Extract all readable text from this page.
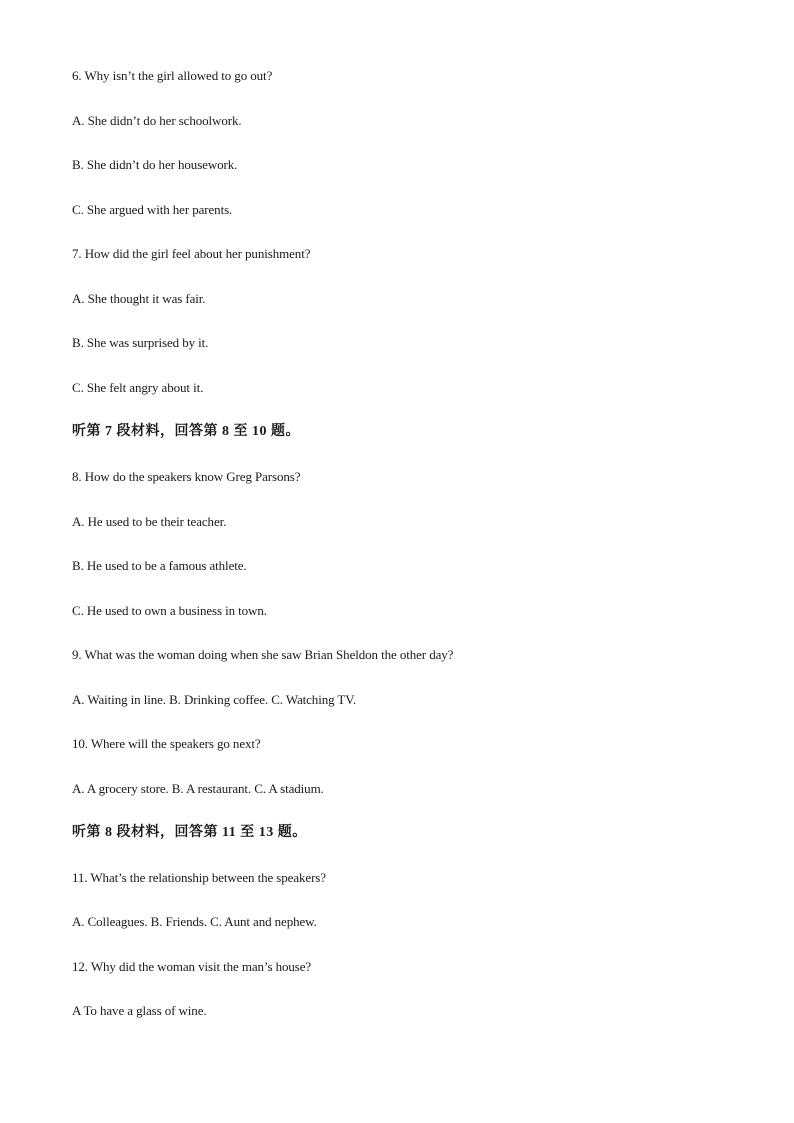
6. Why isn’t the girl allowed to go out?

A. She didn’t do her schoolwork.

B. She didn’t do her housework.

C. She argued with her parents.

7. How did the girl feel about her punishment?

A. She thought it was fair.

B. She was surprised by it.

C. She felt angry about it.

听第 7 段材料，回答第 8 至 10 题。

8. How do the speakers know Greg Parsons?

A. He used to be their teacher.

B. He used to be a famous athlete.

C. He used to own a business in town.

9. What was the woman doing when she saw Brian Sheldon the other day?

A. Waiting in line. B. Drinking coffee. C. Watching TV.

10. Where will the speakers go next?

A. A grocery store. B. A restaurant. C. A stadium.

听第 8 段材料，回答第 11 至 13 题。

11. What’s the relationship between the speakers?

A. Colleagues. B. Friends. C. Aunt and nephew.

12. Why did the woman visit the man’s house?

A To have a glass of wine.
